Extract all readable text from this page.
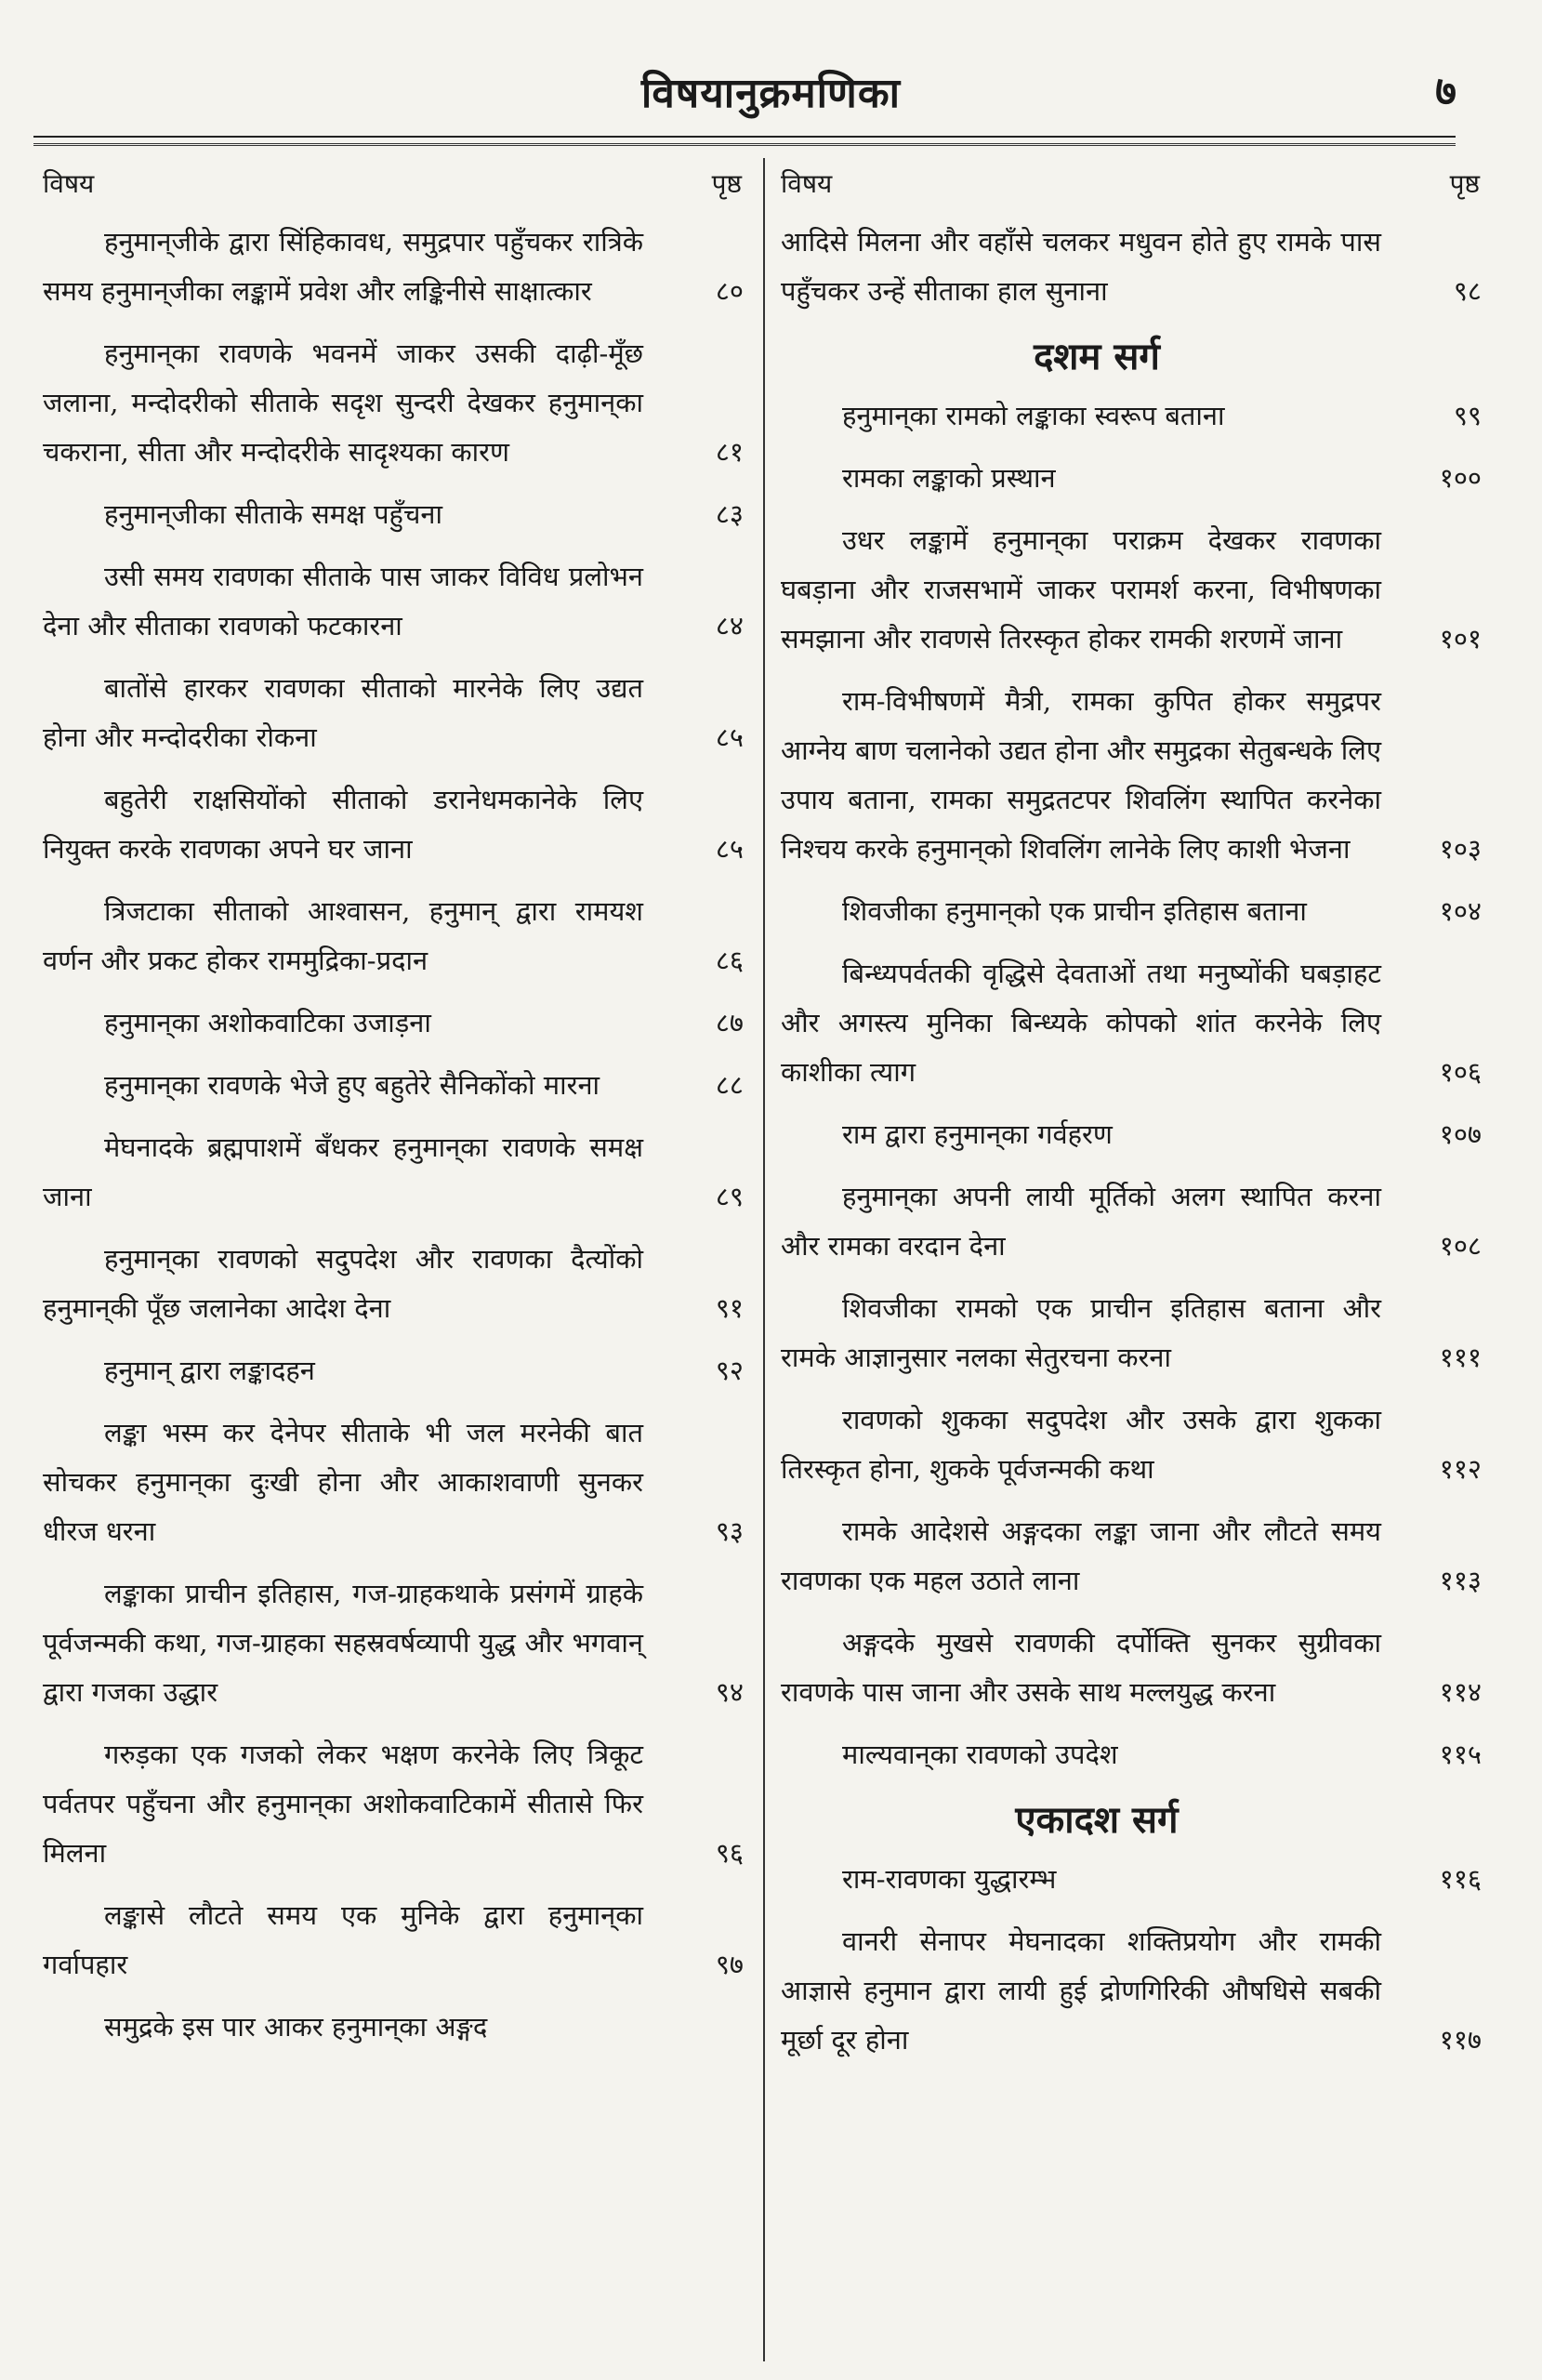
विषयानुक्रमणिका	७
विषय	पृष्ठ
हनुमान्‌जीके द्वारा सिंहिकावध, समुद्रपार पहुँचकर रात्रिके समय हनुमान्‌जीका लङ्कामें प्रवेश और लङ्किनीसे साक्षात्कार	८०
हनुमान्‌का रावणके भवनमें जाकर उसकी दाढ़ी-मूँछ जलाना, मन्दोदरीको सीताके सदृश सुन्दरी देखकर हनुमान्‌का चकराना, सीता और मन्दोदरीके सादृश्यका कारण	८१
हनुमान्‌जीका सीताके समक्ष पहुँचना	८३
उसी समय रावणका सीताके पास जाकर विविध प्रलोभन देना और सीताका रावणको फटकारना	८४
बातोंसे हारकर रावणका सीताको मारनेके लिए उद्यत होना और मन्दोदरीका रोकना	८५
बहुतेरी राक्षसियोंको सीताको डरानेधमकानेके लिए नियुक्त करके रावणका अपने घर जाना	८५
त्रिजटाका सीताको आश्वासन, हनुमान्‌ द्वारा रामयश वर्णन और प्रकट होकर राममुद्रिका-प्रदान	८६
हनुमान्‌का अशोकवाटिका उजाड़ना	८७
हनुमान्‌का रावणके भेजे हुए बहुतेरे सैनिकोंको मारना	८८
मेघनादके ब्रह्मपाशमें बँधकर हनुमान्‌का रावणके समक्ष जाना	८९
हनुमान्‌का रावणको सदुपदेश और रावणका दैत्योंको हनुमान्‌की पूँछ जलानेका आदेश देना	९१
हनुमान्‌ द्वारा लङ्कादहन	९२
लङ्का भस्म कर देनेपर सीताके भी जल मरनेकी बात सोचकर हनुमान्‌का दुःखी होना और आकाशवाणी सुनकर धीरज धरना	९३
लङ्काका प्राचीन इतिहास, गज-ग्राहकथाके प्रसंगमें ग्राहके पूर्वजन्मकी कथा, गज-ग्राहका सहस्रवर्षव्यापी युद्ध और भगवान्‌ द्वारा गजका उद्धार	९४
गरुड़का एक गजको लेकर भक्षण करनेके लिए त्रिकूट पर्वतपर पहुँचना और हनुमान्‌का अशोकवाटिकामें सीतासे फिर मिलना	९६
लङ्कासे लौटते समय एक मुनिके द्वारा हनुमान्‌का गर्वापहार	९७
समुद्रके इस पार आकर हनुमान्‌का अङ्गद
विषय	पृष्ठ
आदिसे मिलना और वहाँसे चलकर मधुवन होते हुए रामके पास पहुँचकर उन्हें सीताका हाल सुनाना	९८
दशम सर्ग
हनुमान्‌का रामको लङ्काका स्वरूप बताना	९९
रामका लङ्काको प्रस्थान	१००
उधर लङ्कामें हनुमान्‌का पराक्रम देखकर रावणका घबड़ाना और राजसभामें जाकर परामर्श करना, विभीषणका समझाना और रावणसे तिरस्कृत होकर रामकी शरणमें जाना	१०१
राम-विभीषणमें मैत्री, रामका कुपित होकर समुद्रपर आग्नेय बाण चलानेको उद्यत होना और समुद्रका सेतुबन्धके लिए उपाय बताना, रामका समुद्रतटपर शिवलिंग स्थापित करनेका निश्चय करके हनुमान्‌को शिवलिंग लानेके लिए काशी भेजना	१०३
शिवजीका हनुमान्‌को एक प्राचीन इतिहास बताना	१०४
बिन्ध्यपर्वतकी वृद्धिसे देवताओं तथा मनुष्योंकी घबड़ाहट और अगस्त्य मुनिका बिन्ध्यके कोपको शांत करनेके लिए काशीका त्याग	१०६
राम द्वारा हनुमान्‌का गर्वहरण	१०७
हनुमान्‌का अपनी लायी मूर्तिको अलग स्थापित करना और रामका वरदान देना	१०८
शिवजीका रामको एक प्राचीन इतिहास बताना और रामके आज्ञानुसार नलका सेतुरचना करना	१११
रावणको शुकका सदुपदेश और उसके द्वारा शुकका तिरस्कृत होना, शुकके पूर्वजन्मकी कथा	११२
रामके आदेशसे अङ्गदका लङ्का जाना और लौटते समय रावणका एक महल उठाते लाना	११३
अङ्गदके मुखसे रावणकी दर्पोक्ति सुनकर सुग्रीवका रावणके पास जाना और उसके साथ मल्लयुद्ध करना	११४
माल्यवान्‌का रावणको उपदेश	११५
एकादश सर्ग
राम-रावणका युद्धारम्भ	११६
वानरी सेनापर मेघनादका शक्तिप्रयोग और रामकी आज्ञासे हनुमान द्वारा लायी हुई द्रोणगिरिकी औषधिसे सबकी मूर्छा दूर होना	११७
